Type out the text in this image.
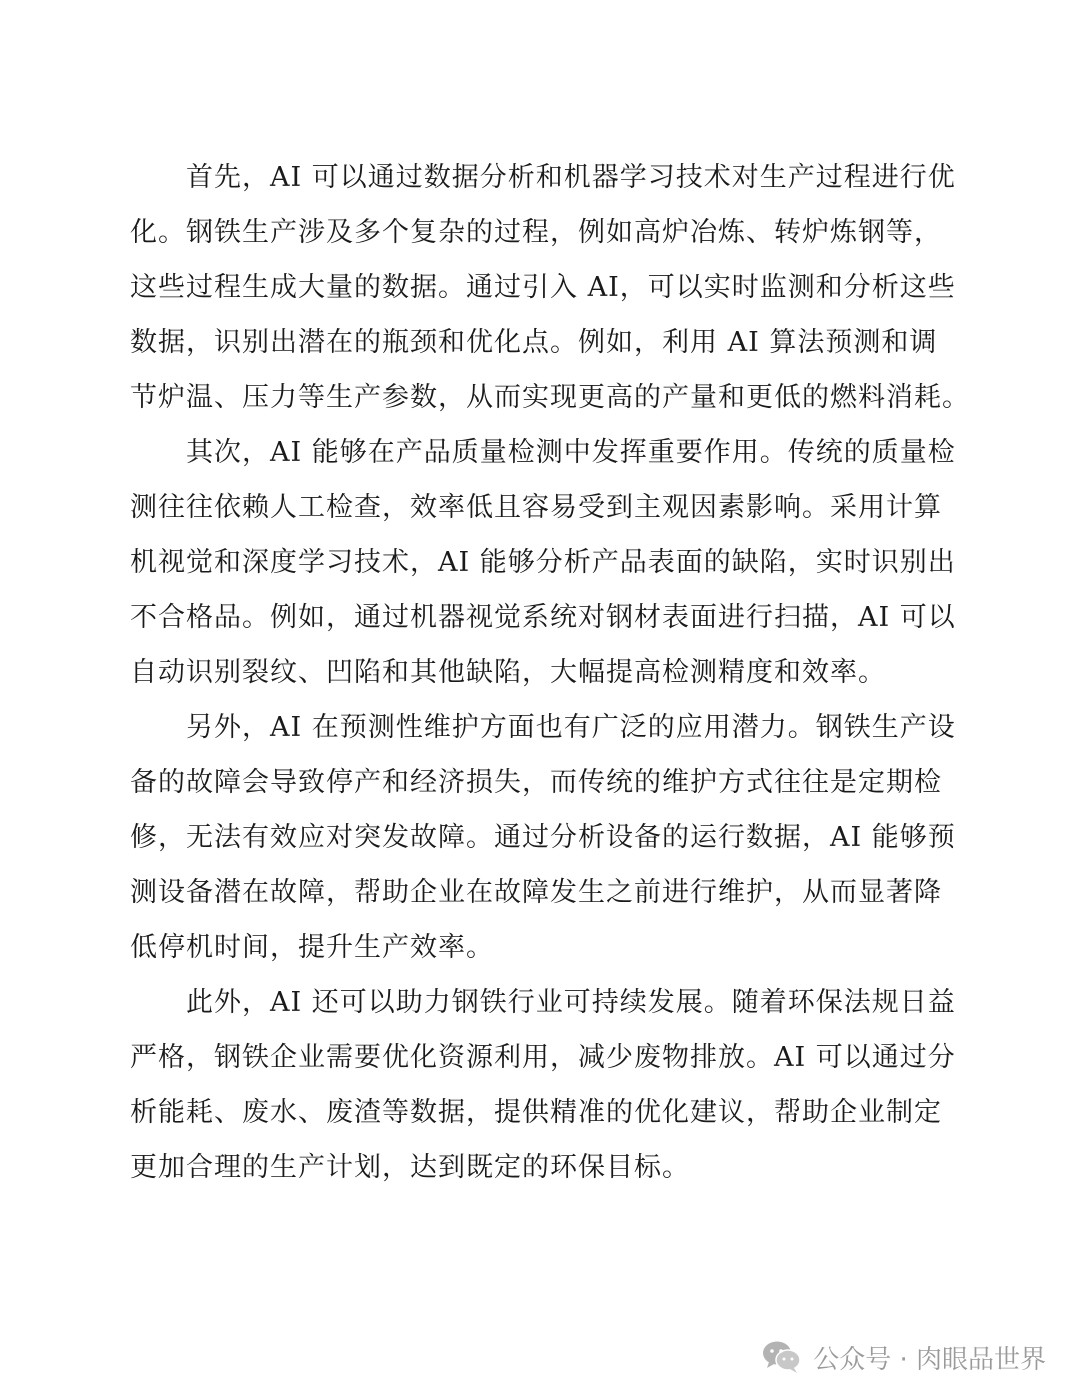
首先，AI 可以通过数据分析和机器学习技术对生产过程进行优
化。钢铁生产涉及多个复杂的过程，例如高炉冶炼、转炉炼钢等，
这些过程生成大量的数据。通过引入 AI，可以实时监测和分析这些
数据，识别出潜在的瓶颈和优化点。例如，利用 AI 算法预测和调
节炉温、压力等生产参数，从而实现更高的产量和更低的燃料消耗。
其次，AI 能够在产品质量检测中发挥重要作用。传统的质量检
测往往依赖人工检查，效率低且容易受到主观因素影响。采用计算
机视觉和深度学习技术，AI 能够分析产品表面的缺陷，实时识别出
不合格品。例如，通过机器视觉系统对钢材表面进行扫描，AI 可以
自动识别裂纹、凹陷和其他缺陷，大幅提高检测精度和效率。
另外，AI 在预测性维护方面也有广泛的应用潜力。钢铁生产设
备的故障会导致停产和经济损失，而传统的维护方式往往是定期检
修，无法有效应对突发故障。通过分析设备的运行数据，AI 能够预
测设备潜在故障，帮助企业在故障发生之前进行维护，从而显著降
低停机时间，提升生产效率。
此外，AI 还可以助力钢铁行业可持续发展。随着环保法规日益
严格，钢铁企业需要优化资源利用，减少废物排放。AI 可以通过分
析能耗、废水、废渣等数据，提供精准的优化建议，帮助企业制定
更加合理的生产计划，达到既定的环保目标。
公众号 · 肉眼品世界
